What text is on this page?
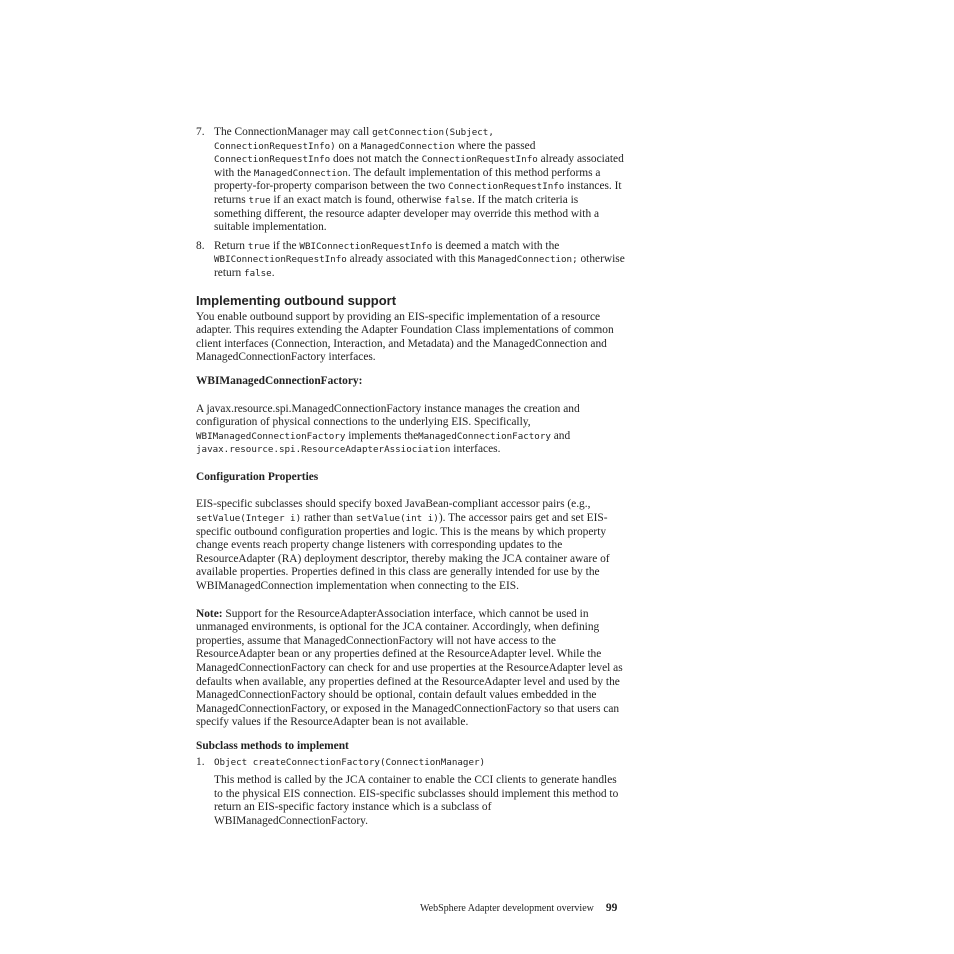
7. The ConnectionManager may call getConnection(Subject,
ConnectionRequestInfo) on a ManagedConnection where the passed
ConnectionRequestInfo does not match the ConnectionRequestInfo already associated with the ManagedConnection. The default implementation of this method performs a property-for-property comparison between the two ConnectionRequestInfo instances. It returns true if an exact match is found, otherwise false. If the match criteria is something different, the resource adapter developer may override this method with a suitable implementation.
8. Return true if the WBIConnectionRequestInfo is deemed a match with the WBIConnectionRequestInfo already associated with this ManagedConnection; otherwise return false.
Implementing outbound support

You enable outbound support by providing an EIS-specific implementation of a resource adapter. This requires extending the Adapter Foundation Class implementations of common client interfaces (Connection, Interaction, and Metadata) and the ManagedConnection and ManagedConnectionFactory interfaces.

WBIManagedConnectionFactory:

A javax.resource.spi.ManagedConnectionFactory instance manages the creation and configuration of physical connections to the underlying EIS. Specifically, WBIManagedConnectionFactory implements theManagedConnectionFactory and javax.resource.spi.ResourceAdapterAssiociation interfaces.

Configuration Properties

EIS-specific subclasses should specify boxed JavaBean-compliant accessor pairs (e.g., setValue(Integer i) rather than setValue(int i)). The accessor pairs get and set EIS-specific outbound configuration properties and logic. This is the means by which property change events reach property change listeners with corresponding updates to the ResourceAdapter (RA) deployment descriptor, thereby making the JCA container aware of available properties. Properties defined in this class are generally intended for use by the WBIManagedConnection implementation when connecting to the EIS.

Note: Support for the ResourceAdapterAssociation interface, which cannot be used in unmanaged environments, is optional for the JCA container. Accordingly, when defining properties, assume that ManagedConnectionFactory will not have access to the ResourceAdapter bean or any properties defined at the ResourceAdapter level. While the ManagedConnectionFactory can check for and use properties at the ResourceAdapter level as defaults when available, any properties defined at the ResourceAdapter level and used by the ManagedConnectionFactory should be optional, contain default values embedded in the ManagedConnectionFactory, or exposed in the ManagedConnectionFactory so that users can specify values if the ResourceAdapter bean is not available.

Subclass methods to implement
1. Object createConnectionFactory(ConnectionManager)

This method is called by the JCA container to enable the CCI clients to generate handles to the physical EIS connection. EIS-specific subclasses should implement this method to return an EIS-specific factory instance which is a subclass of WBIManagedConnectionFactory.

WebSphere Adapter development overview 99
